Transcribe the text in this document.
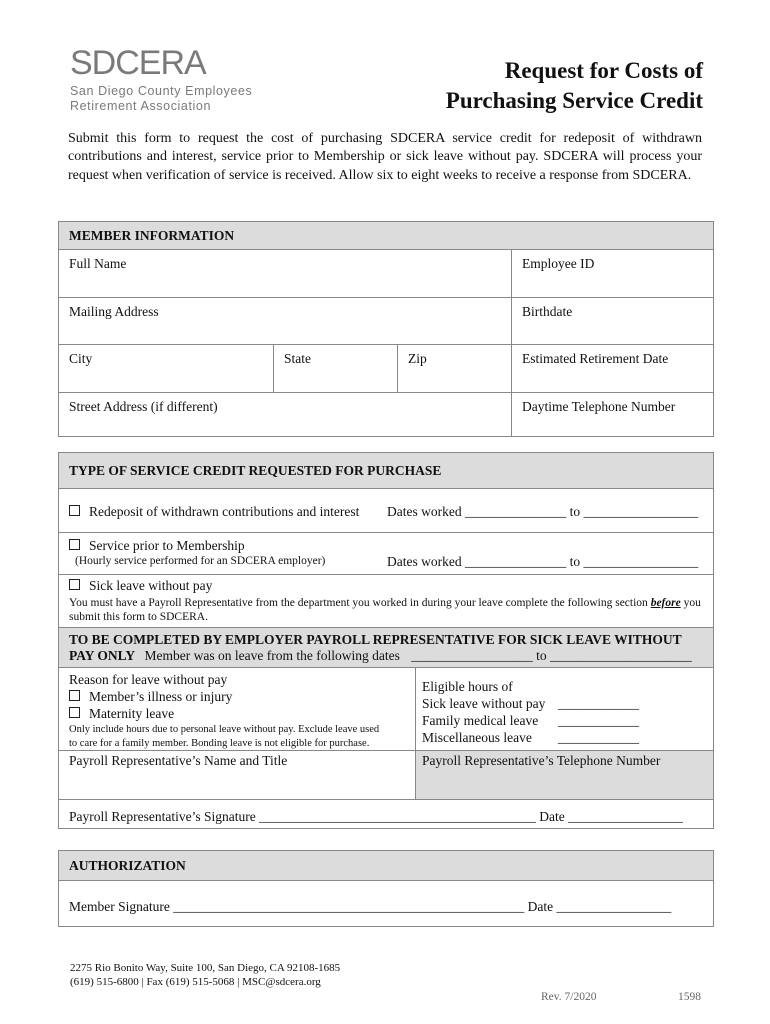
SDCERA
San Diego County Employees
Retirement Association
Request for Costs of
Purchasing Service Credit
Submit this form to request the cost of purchasing SDCERA service credit for redeposit of withdrawn contributions and interest, service prior to Membership or sick leave without pay. SDCERA will process your request when verification of service is received. Allow six to eight weeks to receive a response from SDCERA.
MEMBER INFORMATION
Full Name	Employee ID
Mailing Address	Birthdate
City	State	Zip	Estimated Retirement Date
Street Address (if different)	Daytime Telephone Number
TYPE OF SERVICE CREDIT REQUESTED FOR PURCHASE
Redeposit of withdrawn contributions and interest Dates worked _______________ to _________________
Service prior to Membership
(Hourly service performed for an SDCERA employer)	Dates worked _______________ to _________________
Sick leave without pay
You must have a Payroll Representative from the department you worked in during your leave complete the following section before you submit this form to SDCERA.
TO BE COMPLETED BY EMPLOYER PAYROLL REPRESENTATIVE FOR SICK LEAVE WITHOUT
PAY ONLY Member was on leave from the following dates __________________ to _____________________
Reason for leave without pay
Member’s illness or injury
Maternity leave
Only include hours due to personal leave without pay. Exclude leave used
to care for a family member. Bonding leave is not eligible for purchase.
Eligible hours of
Sick leave without pay ____________
Family medical leave ____________
Miscellaneous leave ____________
Payroll Representative’s Name and Title	Payroll Representative’s Telephone Number
Payroll Representative’s Signature _________________________________________ Date _________________
AUTHORIZATION
Member Signature ____________________________________________________ Date _________________
2275 Rio Bonito Way, Suite 100, San Diego, CA 92108-1685
(619) 515-6800 | Fax (619) 515-5068 | MSC@sdcera.org
Rev. 7/2020	1598
